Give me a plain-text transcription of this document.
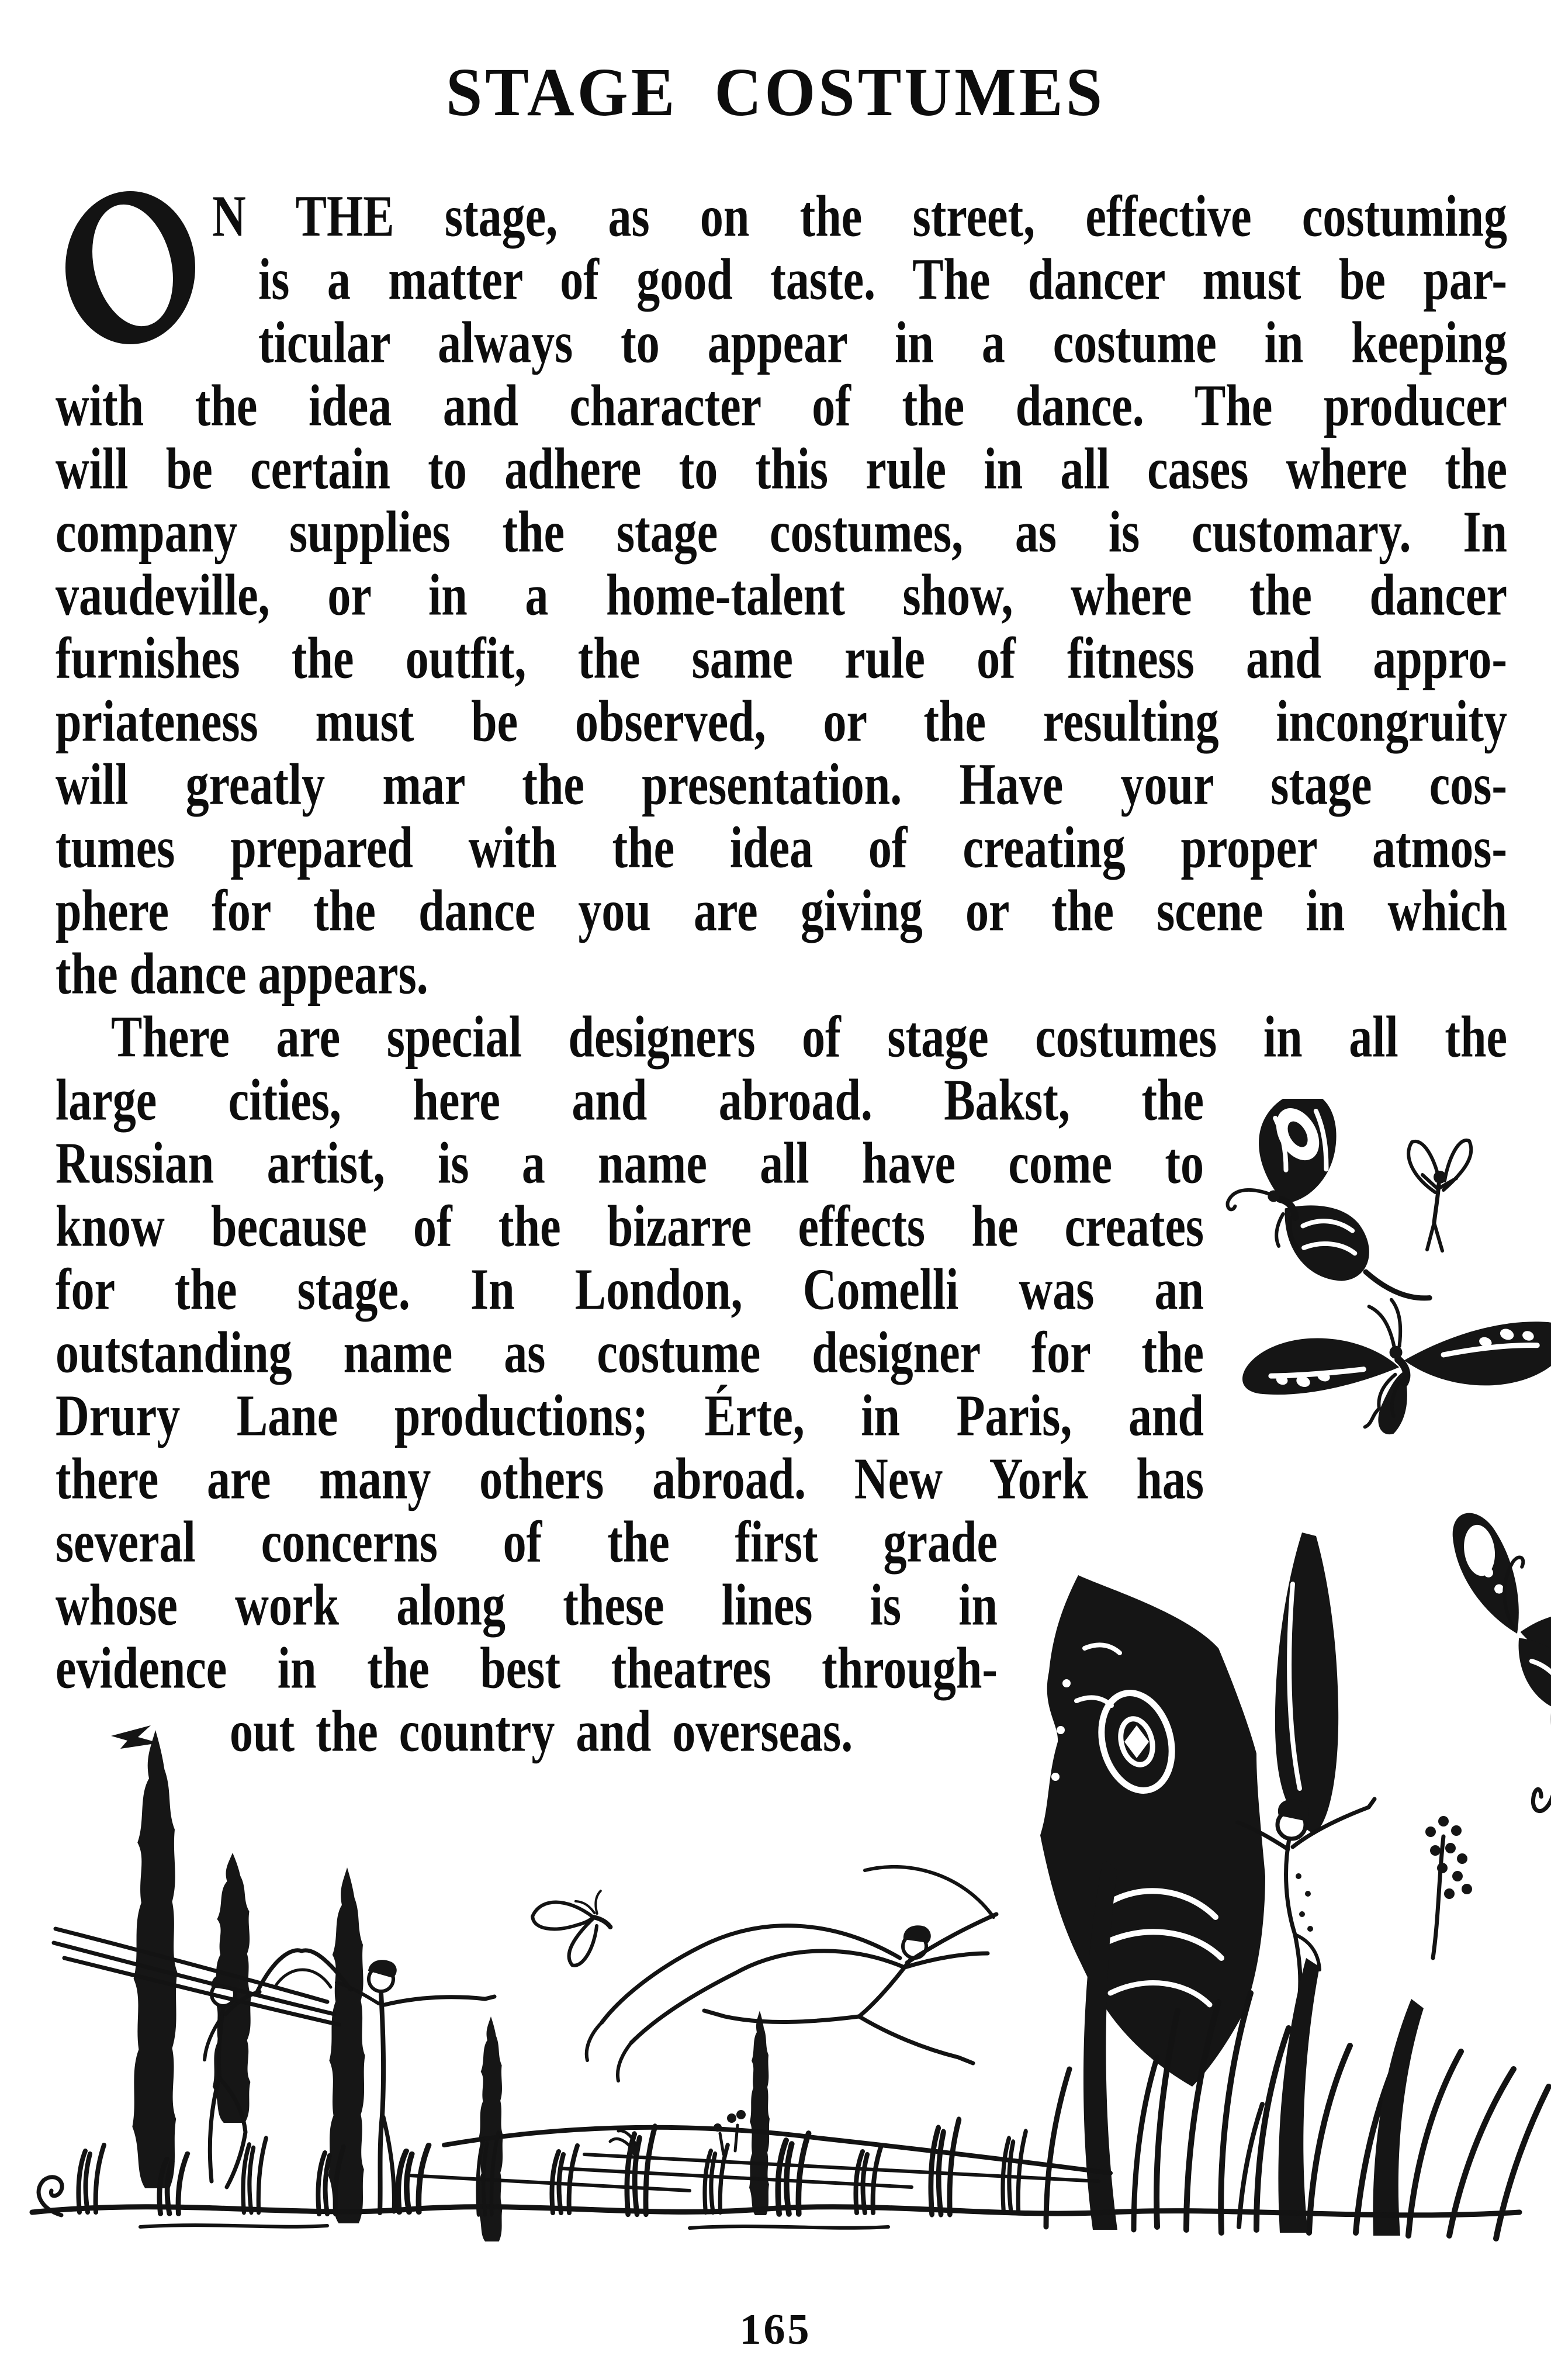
STAGE COSTUMES
N THE stage, as on the street, effective costuming
is a matter of good taste. The dancer must be par-
ticular always to appear in a costume in keeping
with the idea and character of the dance. The producer
will be certain to adhere to this rule in all cases where the
company supplies the stage costumes, as is customary. In
vaudeville, or in a home-talent show, where the dancer
furnishes the outfit, the same rule of fitness and appro-
priateness must be observed, or the resulting incongruity
will greatly mar the presentation. Have your stage cos-
tumes prepared with the idea of creating proper atmos-
phere for the dance you are giving or the scene in which
the dance appears.
There are special designers of stage costumes in all the
large cities, here and abroad. Bakst, the
Russian artist, is a name all have come to
know because of the bizarre effects he creates
for the stage. In London, Comelli was an
outstanding name as costume designer for the
Drury Lane productions; Érte, in Paris, and
there are many others abroad. New York has
several concerns of the first grade
whose work along these lines is in
evidence in the best theatres through-
out the country and overseas.
165
